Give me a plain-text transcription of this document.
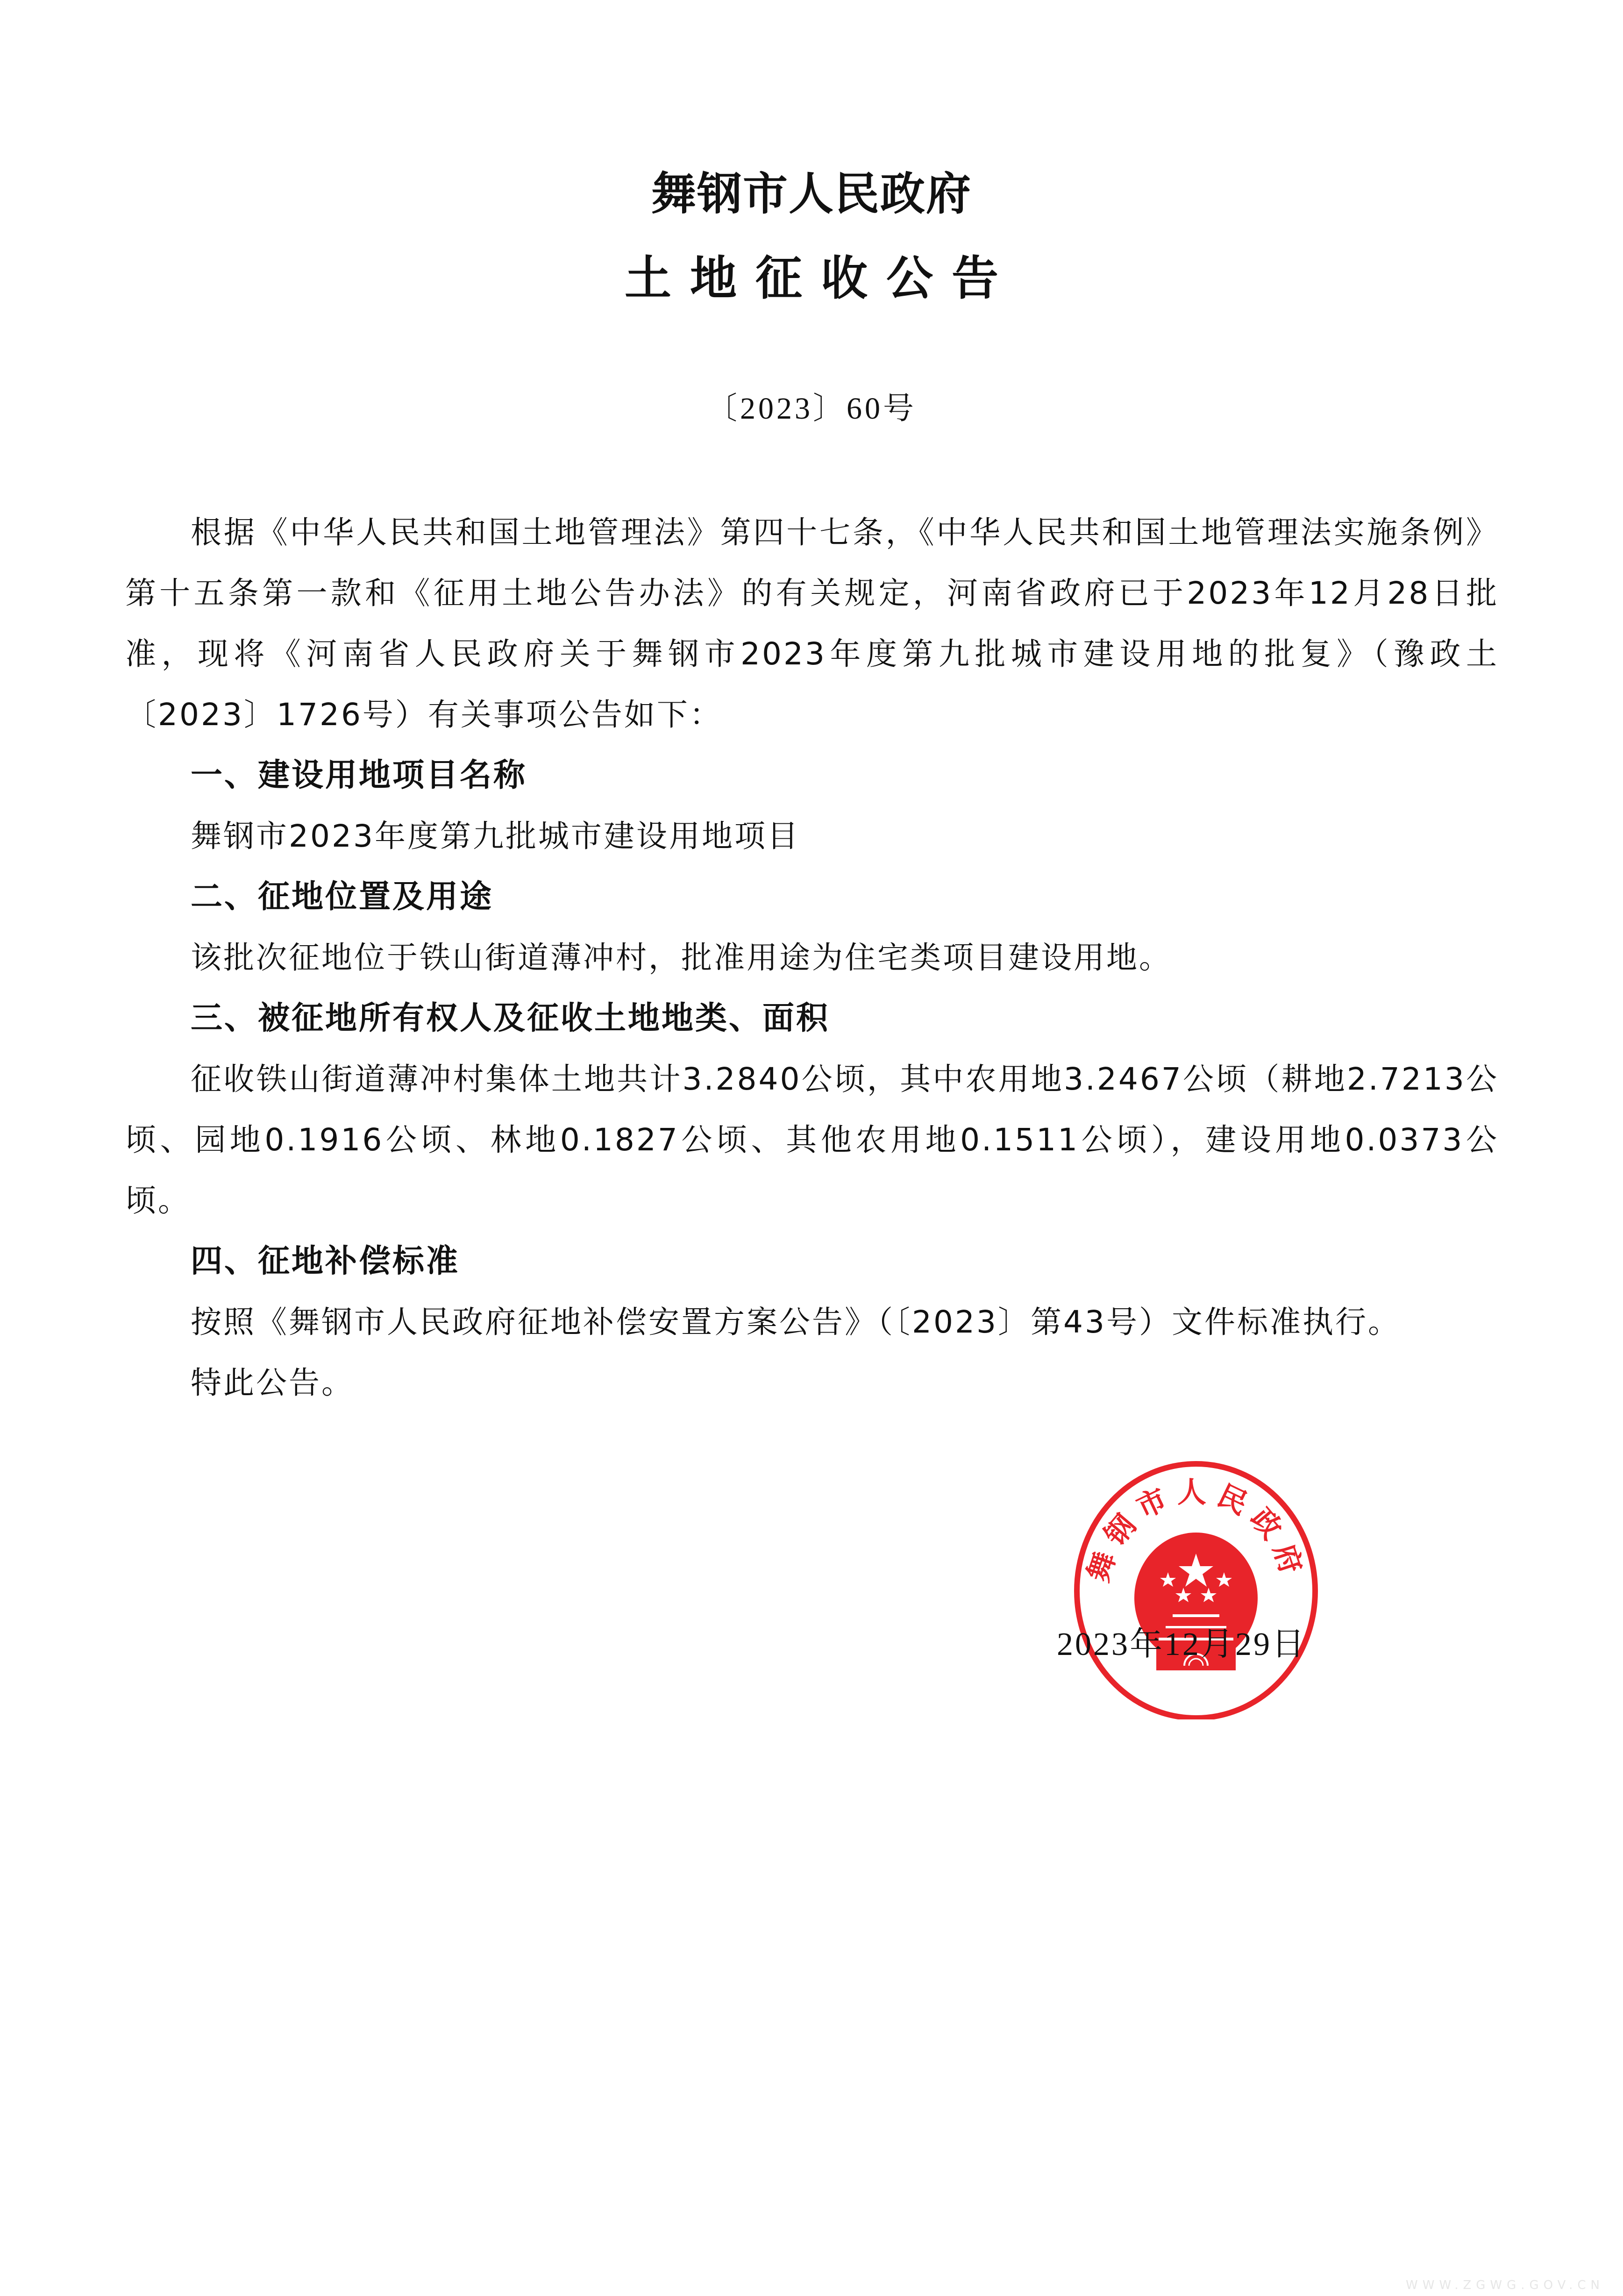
舞钢市人民政府
土地征收公告
〔2023〕60号

根据《中华人民共和国土地管理法》第四十七条，《中华人民共和国土地管理法实施条例》第十五条第一款和《征用土地公告办法》的有关规定，河南省政府已于2023年12月28日批准，现将《河南省人民政府关于舞钢市2023年度第九批城市建设用地的批复》（豫政土〔2023〕1726号）有关事项公告如下：

一、建设用地项目名称

舞钢市2023年度第九批城市建设用地项目

二、征地位置及用途

该批次征地位于铁山街道薄冲村，批准用途为住宅类项目建设用地。

三、被征地所有权人及征收土地地类、面积

征收铁山街道薄冲村集体土地共计3.2840公顷，其中农用地3.2467公顷（耕地2.7213公顷、园地0.1916公顷、林地0.1827公顷、其他农用地0.1511公顷），建设用地0.0373公顷。

四、征地补偿标准

按照《舞钢市人民政府征地补偿安置方案公告》（〔2023〕第43号）文件标准执行。

特此公告。

舞钢市人民政府
2023年12月29日
WWW.ZGWG.GOV.CN
